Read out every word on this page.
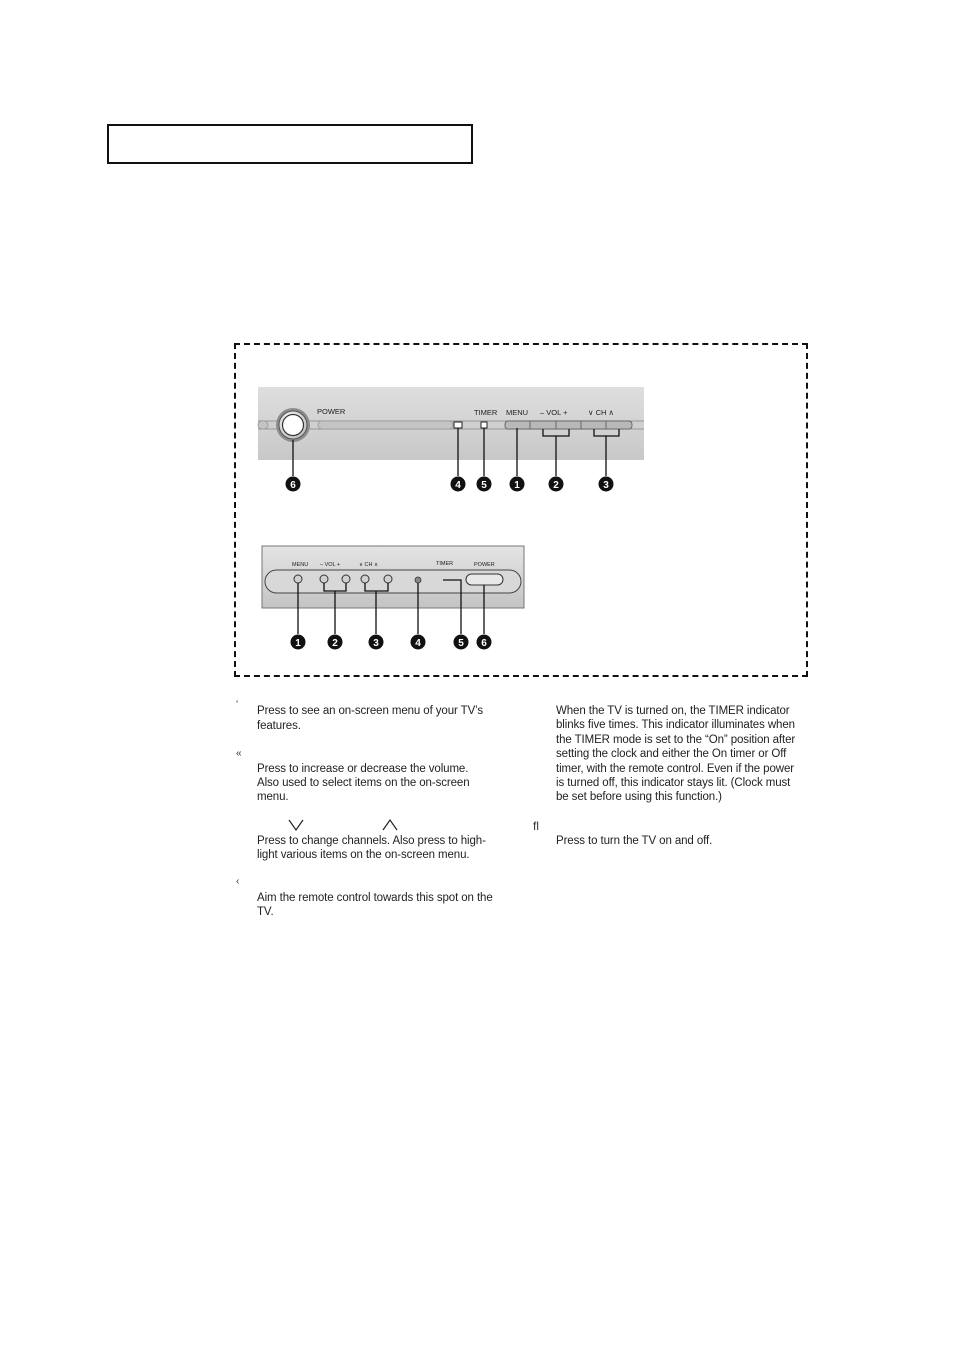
POWER	TIMER MENU – VOL +	∨ CH ∧
6	4 5	1	2	3
MENU – VOL +	∨ CH ∧	TIMER	POWER
1	2	3	4	5 6
‘
Press to see an on-screen menu of your TV’s features.
«
Press to increase or decrease the volume.
Also used to select items on the on-screen
menu.
Press to change channels. Also press to high-
light various items on the on-screen menu.
‹
Aim the remote control towards this spot on the
TV.
When the TV is turned on, the TIMER indicator
blinks five times. This indicator illuminates when
the TIMER mode is set to the “On” position after
setting the clock and either the On timer or Off
timer, with the remote control. Even if the power
is turned off, this indicator stays lit. (Clock must
be set before using this function.)
ﬂ
Press to turn the TV on and off.
